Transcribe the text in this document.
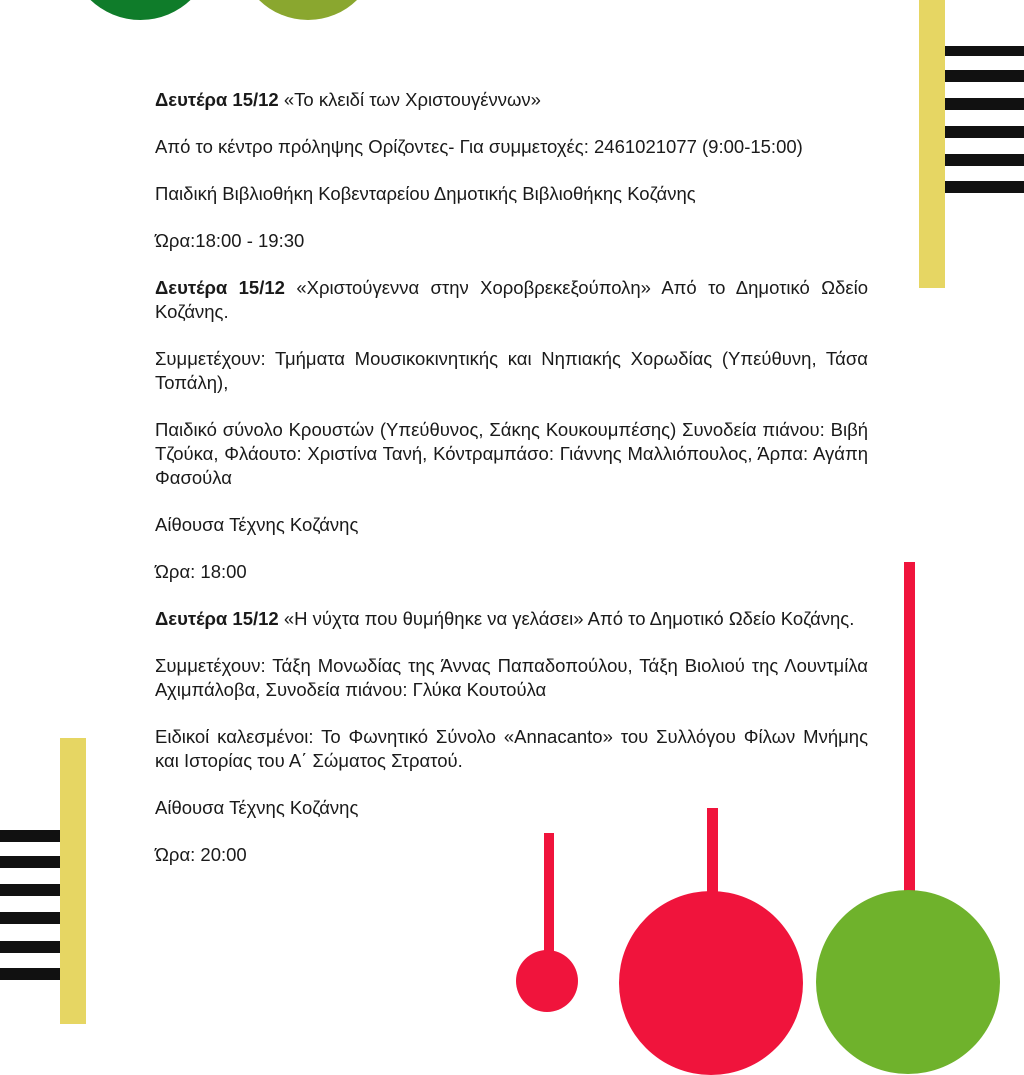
Δευτέρα 15/12 «Το κλειδί των Χριστουγέννων»

Από το κέντρο πρόληψης Ορίζοντες- Για συμμετοχές: 2461021077 (9:00-15:00)

Παιδική Βιβλιοθήκη Κοβενταρείου Δημοτικής Βιβλιοθήκης Κοζάνης

Ώρα:18:00 - 19:30

Δευτέρα 15/12 «Χριστούγεννα στην Χοροβρεκεξούπολη» Από το Δημοτικό Ωδείο Κοζάνης.

Συμμετέχουν: Τμήματα Μουσικοκινητικής και Νηπιακής Χορωδίας (Υπεύθυνη, Τάσα Τοπάλη),

Παιδικό σύνολο Κρουστών (Υπεύθυνος, Σάκης Κουκουμπέσης) Συνοδεία πιάνου: Βιβή Τζούκα, Φλάουτο: Χριστίνα Τανή, Κόντραμπάσο: Γιάννης Μαλλιόπουλος, Άρπα: Αγάπη Φασούλα

Αίθουσα Τέχνης Κοζάνης

Ώρα: 18:00

Δευτέρα 15/12 «Η νύχτα που θυμήθηκε να γελάσει» Από το Δημοτικό Ωδείο Κοζάνης.

Συμμετέχουν: Τάξη Μονωδίας της Άννας Παπαδοπούλου, Τάξη Βιολιού της Λουντμίλα Αχιμπάλοβα, Συνοδεία πιάνου: Γλύκα Κουτούλα

Ειδικοί καλεσμένοι: Το Φωνητικό Σύνολο «Annacanto» του Συλλόγου Φίλων Μνήμης και Ιστορίας του Α΄ Σώματος Στρατού.

Αίθουσα Τέχνης Κοζάνης

Ώρα: 20:00
